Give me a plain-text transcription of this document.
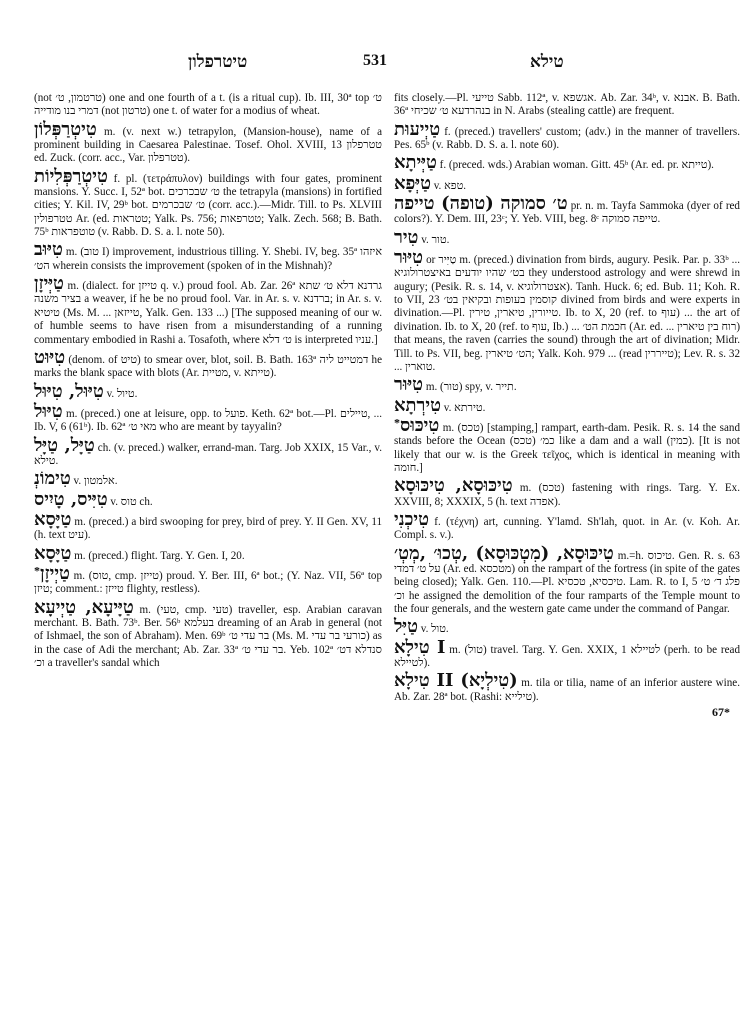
טיטרפלון	531	טילא
(not טרטמון, ט׳) one and one fourth of a t. (is a ritual cup). Ib. III, 30ª top ט׳ דמרי בנו מודייה (not טרטון) one t. of water for a modius of wheat.
טִיטְרַפְּלוֹן m. (v. next w.) tetrapylon, (Mansion-house), name of a prominent building in Caesarea Palestinae. Tosef. Ohol. XVIII, 13 טטרפלון ed. Zuck. (corr. acc., Var. טטרפלון).
טִיטְרַפְּלִיוֹת f. pl. (τετράπυλον) buildings with four gates, prominent mansions. Y. Succ. I, 52ª bot. ט׳ שבכרכים the tetrapyla (mansions) in fortified cities; Y. Kil. IV, 29ᵇ bot. ט׳ שבכרמים (corr. acc.).—Midr. Till. to Ps. XLVIII טטרפולין Ar. (ed. טטראות; Yalk. Ps. 756; טטרפאות; Yalk. Zech. 568; B. Bath. 75ᵇ טוטפראות (v. Rabb. D. S. a. l. note 50).
טִיּוּב m. (טוב I) improvement, industrious tilling. Y. Shebi. IV, beg. 35ª איזהו הט׳ wherein consists the improvement (spoken of in the Mishnah)?
טַיְּיזָן m. (dialect. for טייזן q. v.) proud fool. Ab. Zar. 26ª גרדנא דלא ט׳ שתא בציר משנה a weaver, if he be no proud fool. Var. in Ar. s. v. ברדנא; in Ar. s. v. טיטיא (Ms. M. ... טייזאן, Yalk. Gen. 133 ...) [The supposed meaning of our w. of humble seems to have risen from a misunderstanding of a running commentary embodied in Rashi a. Tosafoth, where ט׳ דלא is interpreted עניו.]
טִיּוּט (denom. of טיט) to smear over, blot, soil. B. Bath. 163ª דמטייט ליה he marks the blank space with blots (Ar. מטיית, v. טייתא).
טִיּוּל, טִיּוּל v. טיול.
טִיּוּל m. (preced.) one at leisure, opp. to פועל. Keth. 62ª bot.—Pl. טיילים, ... Ib. V, 6 (61ᵇ). Ib. 62ª מאי ט׳ who are meant by tayyalin?
טַיָּל, טַיָּל ch. (v. preced.) walker, errand-man. Targ. Job XXIX, 15 Var., v. טילא.
טִימוֹנְ v. אלמטון.
טִיִּיס, טָיִיס v. טוס ch.
טַיָּסָא m. (preced.) a bird swooping for prey, bird of prey. Y. II Gen. XV, 11 (h. text עיט).
טַיָּסָא m. (preced.) flight. Targ. Y. Gen. I, 20.
*טַיְיזָן m. (טוס, cmp. טייזן) proud. Y. Ber. III, 6ª bot.; (Y. Naz. VII, 56ª top טיזן; comment.: טייזן flighty, restless).
טַיָּיעָא, טַיְיעָא m. (טעי, cmp. טעי) traveller, esp. Arabian caravan merchant. B. Bath. 73ᵇ. Ber. 56ᵇ בעלמא dreaming of an Arab in general (not of Ishmael, the son of Abraham). Men. 69ᵇ בר עדי ט׳ (Ms. M. כורעי בר עדי) as in the case of Adi the merchant; Ab. Zar. 33ª בר עדי ט׳. Yeb. 102ª סנדלא דט׳ וכ׳ a traveller's sandal which
fits closely.—Pl. טייעי Sabb. 112ª, v. אגשפא. Ab. Zar. 34ᵇ, v. אבנא. B. Bath. 36ª בנהרדעא ט׳ שכיחי in N. Arabs (stealing cattle) are frequent.
טַיְיעוּת f. (preced.) travellers' custom; (adv.) in the manner of travellers. Pes. 65ᵇ (v. Rabb. D. S. a. l. note 60).
טַיְּיתָא f. (preced. wds.) Arabian woman. Gitt. 45ᵇ (Ar. ed. pr. טייתא).
טַיְּפָא v. טפא.
ט׳ סמוקה (טופה) טייפה pr. n. m. Tayfa Sammoka (dyer of red colors?). Y. Dem. III, 23ᶜ; Y. Yeb. VIII, beg. 8ᶜ טייפה סמוקה.
טִיר v. טור.
טִיּוּר or טַיִּיר m. (preced.) divination from birds, augury. Pesik. Par. p. 33ᵇ ... בט׳ שהיו יודעים באיצטרולוגיא they understood astrology and were shrewd in augury; (Pesik. R. s. 14, v. אצטרולוגיא). Tanh. Huck. 6; ed. Bub. 11; Koh. R. to VII, 23 קוסמין בעופות ובקיאין בט׳ divined from birds and were experts in divination.—Pl. טייורין, טיארין, טירין. Ib. to X, 20 (ref. to עוף) ... the art of divination. Ib. to X, 20 (ref. to עוף, Ib.) ... חכמת הט׳ (Ar. ed. ... רוח בין טיארין) that means, the raven (carries the sound) through the art of divination; Midr. Till. to Ps. VII, beg. הט׳ טיארין; Yalk. Koh. 979 ... (read טייררין); Lev. R. s. 32 ... טוארין.
טִיּוּר m. (טור) spy, v. תייר.
טִירְתָא v. טירתא.
*טִיכּוּס m. (טכס) [stamping,] rampart, earth-dam. Pesik. R. s. 14 the sand stands before the Ocean כמ׳ (טכס) like a dam and a wall (כמין). [It is not likely that our w. is the Greek τεῖχος, which is identical in meaning with חומה.]
טִיכּוּסָא, טִיכּוּסָא m. (טכס) fastening with rings. Targ. Y. Ex. XXVIII, 8; XXXIX, 5 (h. text אפדה).
טִיכְנִי f. (τέχνη) art, cunning. Y'lamd. Sh'lah, quot. in Ar. (v. Koh. Ar. Compl. s. v.).
טִיכּוּסָא, (מִטְכּוּסָא) ,טְכוּ׳ ,מְטְ׳ m.=h. טיכוס. Gen. R. s. 63 על ט׳ דמדי (Ar. ed. מטכסא) on the rampart of the fortress (in spite of the gates being closed); Yalk. Gen. 110.—Pl. טיכסיא, טכסיא. Lam. R. to I, 5 פלג ד׳ ט׳ וכ׳ he assigned the demolition of the four ramparts of the Temple mount to the four generals, and the western gate came under the command of Pangar.
טַיִּל v. טול.
טִילָא I m. (טול) travel. Targ. Y. Gen. XXIX, 1 לטיילא (perh. to be read לטיילא).
טִילָא II (טִילְיָא) m. tila or tilia, name of an inferior austere wine. Ab. Zar. 28ª bot. (Rashi: טילייא).
67*
